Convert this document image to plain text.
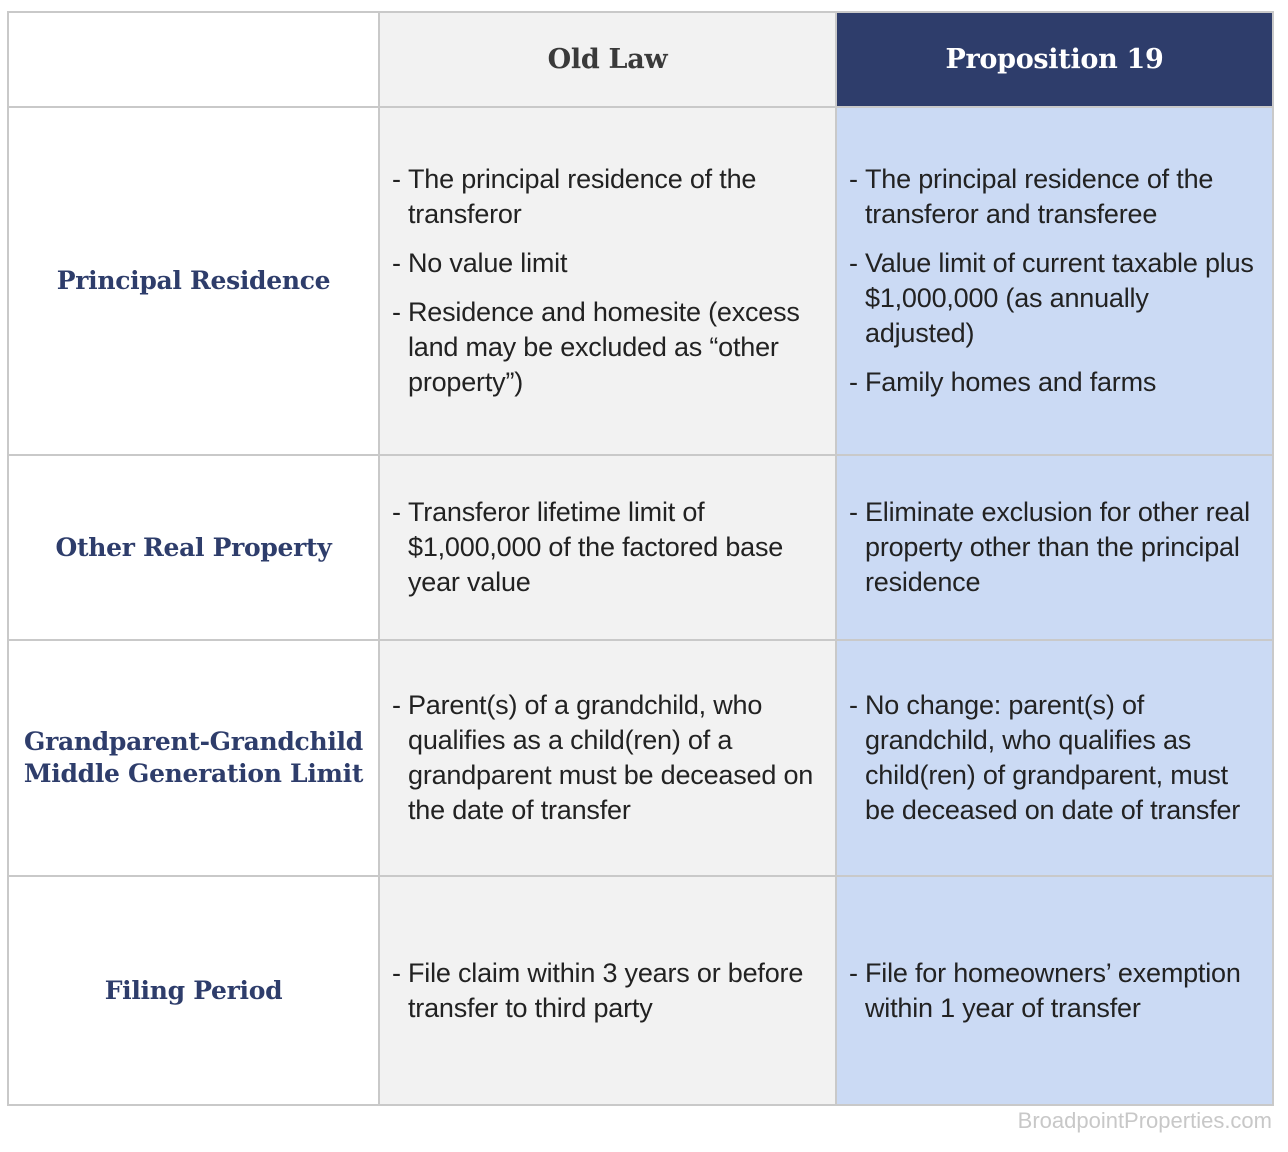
Old Law	Proposition 19
Principal Residence
- The principal residence of the transferor
- No value limit
- Residence and homesite (excess land may be excluded as “other property”)
- The principal residence of the transferor and transferee
- Value limit of current taxable plus $1,000,000 (as annually adjusted)
- Family homes and farms
Other Real Property
- Transferor lifetime limit of $1,000,000 of the factored base year value
- Eliminate exclusion for other real property other than the principal residence
Grandparent-Grandchild
Middle Generation Limit
- Parent(s) of a grandchild, who qualifies as a child(ren) of a grandparent must be deceased on the date of transfer
- No change: parent(s) of grandchild, who qualifies as child(ren) of grandparent, must be deceased on date of transfer
Filing Period
- File claim within 3 years or before transfer to third party
- File for homeowners’ exemption within 1 year of transfer
BroadpointProperties.com
